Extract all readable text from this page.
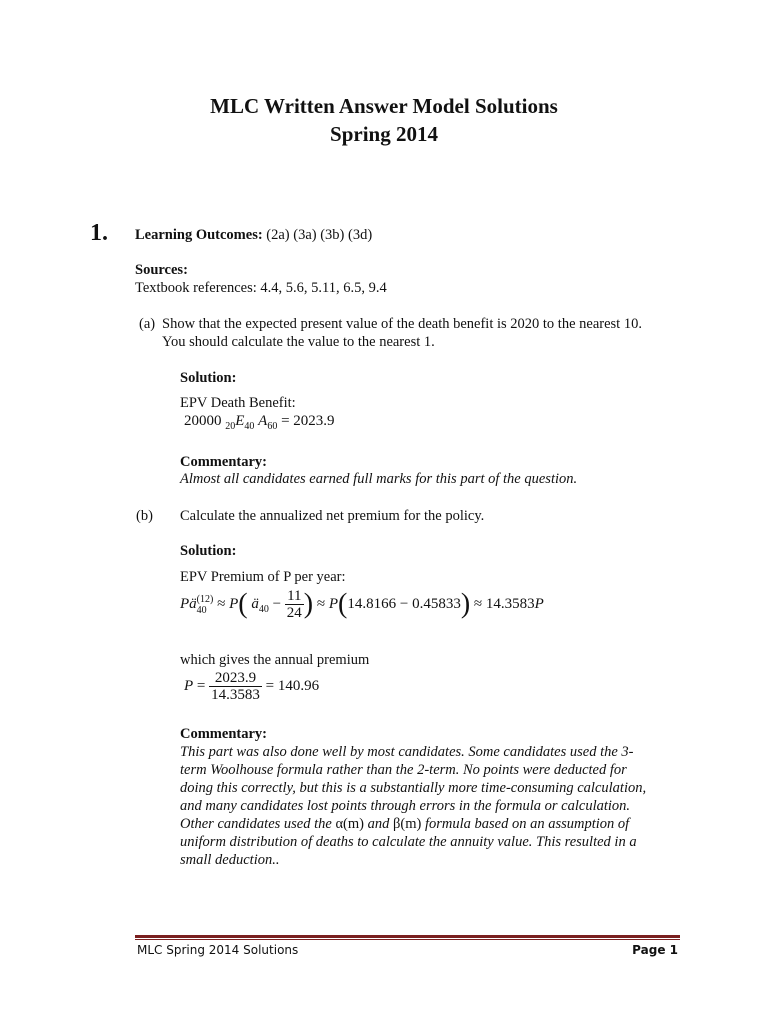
MLC Written Answer Model Solutions
Spring 2014
1. Learning Outcomes: (2a) (3a) (3b) (3d)
Sources:
Textbook references: 4.4, 5.6, 5.11, 6.5, 9.4
(a) Show that the expected present value of the death benefit is 2020 to the nearest 10.
You should calculate the value to the nearest 1.
Solution:
EPV Death Benefit:
20000 $_{20}E_{40}$ $A_{60} = 2023.9$
Commentary:
Almost all candidates earned full marks for this part of the question.
(b) Calculate the annualized net premium for the policy.
Solution:
EPV Premium of P per year:
Pä (12)
40 ≈ P( $ä_{40} - \frac{11}{24}$ ) ≈ P(14.8166 − 0.45833) ≈ 14.3583P
which gives the annual premium
$P = \frac{2023.9}{14.3583} = 140.96$
Commentary:
This part was also done well by most candidates. Some candidates used the 3-
term Woolhouse formula rather than the 2-term. No points were deducted for
doing this correctly, but this is a substantially more time-consuming calculation,
and many candidates lost points through errors in the formula or calculation.
Other candidates used the α(m) and β(m) formula based on an assumption of
uniform distribution of deaths to calculate the annuity value. This resulted in a
small deduction..
MLC Spring 2014 Solutions	Page 1
